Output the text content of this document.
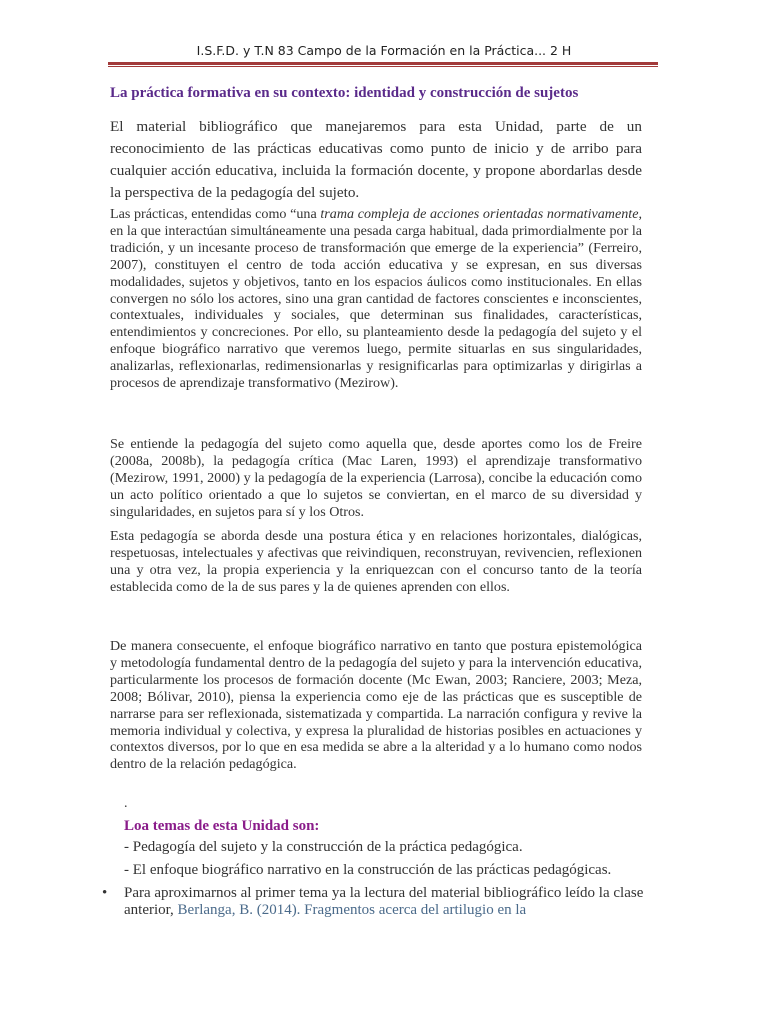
I.S.F.D. y T.N 83 Campo de la Formación en la Práctica... 2 H
La práctica formativa en su contexto: identidad y construcción de sujetos

El material bibliográfico que manejaremos para esta Unidad, parte de un reconocimiento de las prácticas educativas como punto de inicio y de arribo para cualquier acción educativa, incluida la formación docente, y propone abordarlas desde la perspectiva de la pedagogía del sujeto.

Las prácticas, entendidas como “una trama compleja de acciones orientadas normativamente, en la que interactúan simultáneamente una pesada carga habitual, dada primordialmente por la tradición, y un incesante proceso de transformación que emerge de la experiencia” (Ferreiro, 2007), constituyen el centro de toda acción educativa y se expresan, en sus diversas modalidades, sujetos y objetivos, tanto en los espacios áulicos como institucionales. En ellas convergen no sólo los actores, sino una gran cantidad de factores conscientes e inconscientes, contextuales, individuales y sociales, que determinan sus finalidades, características, entendimientos y concreciones. Por ello, su planteamiento desde la pedagogía del sujeto y el enfoque biográfico narrativo que veremos luego, permite situarlas en sus singularidades, analizarlas, reflexionarlas, redimensionarlas y resignificarlas para optimizarlas y dirigirlas a procesos de aprendizaje transformativo (Mezirow).

Se entiende la pedagogía del sujeto como aquella que, desde aportes como los de Freire (2008a, 2008b), la pedagogía crítica (Mac Laren, 1993) el aprendizaje transformativo (Mezirow, 1991, 2000) y la pedagogía de la experiencia (Larrosa), concibe la educación como un acto político orientado a que lo sujetos se conviertan, en el marco de su diversidad y singularidades, en sujetos para sí y los Otros.

Esta pedagogía se aborda desde una postura ética y en relaciones horizontales, dialógicas, respetuosas, intelectuales y afectivas que reivindiquen, reconstruyan, revivencien, reflexionen una y otra vez, la propia experiencia y la enriquezcan con el concurso tanto de la teoría establecida como de la de sus pares y la de quienes aprenden con ellos.

De manera consecuente, el enfoque biográfico narrativo en tanto que postura epistemológica y metodología fundamental dentro de la pedagogía del sujeto y para la intervención educativa, particularmente los procesos de formación docente (Mc Ewan, 2003; Ranciere, 2003; Meza, 2008; Bólivar, 2010), piensa la experiencia como eje de las prácticas que es susceptible de narrarse para ser reflexionada, sistematizada y compartida. La narración configura y revive la memoria individual y colectiva, y expresa la pluralidad de historias posibles en actuaciones y contextos diversos, por lo que en esa medida se abre a la alteridad y a lo humano como nodos dentro de la relación pedagógica.

.
Loa temas de esta Unidad son:
- Pedagogía del sujeto y la construcción de la práctica pedagógica.
- El enfoque biográfico narrativo en la construcción de las prácticas pedagógicas.
• Para aproximarnos al primer tema ya la lectura del material bibliográfico leído la clase anterior, Berlanga, B. (2014). Fragmentos acerca del artilugio en la
